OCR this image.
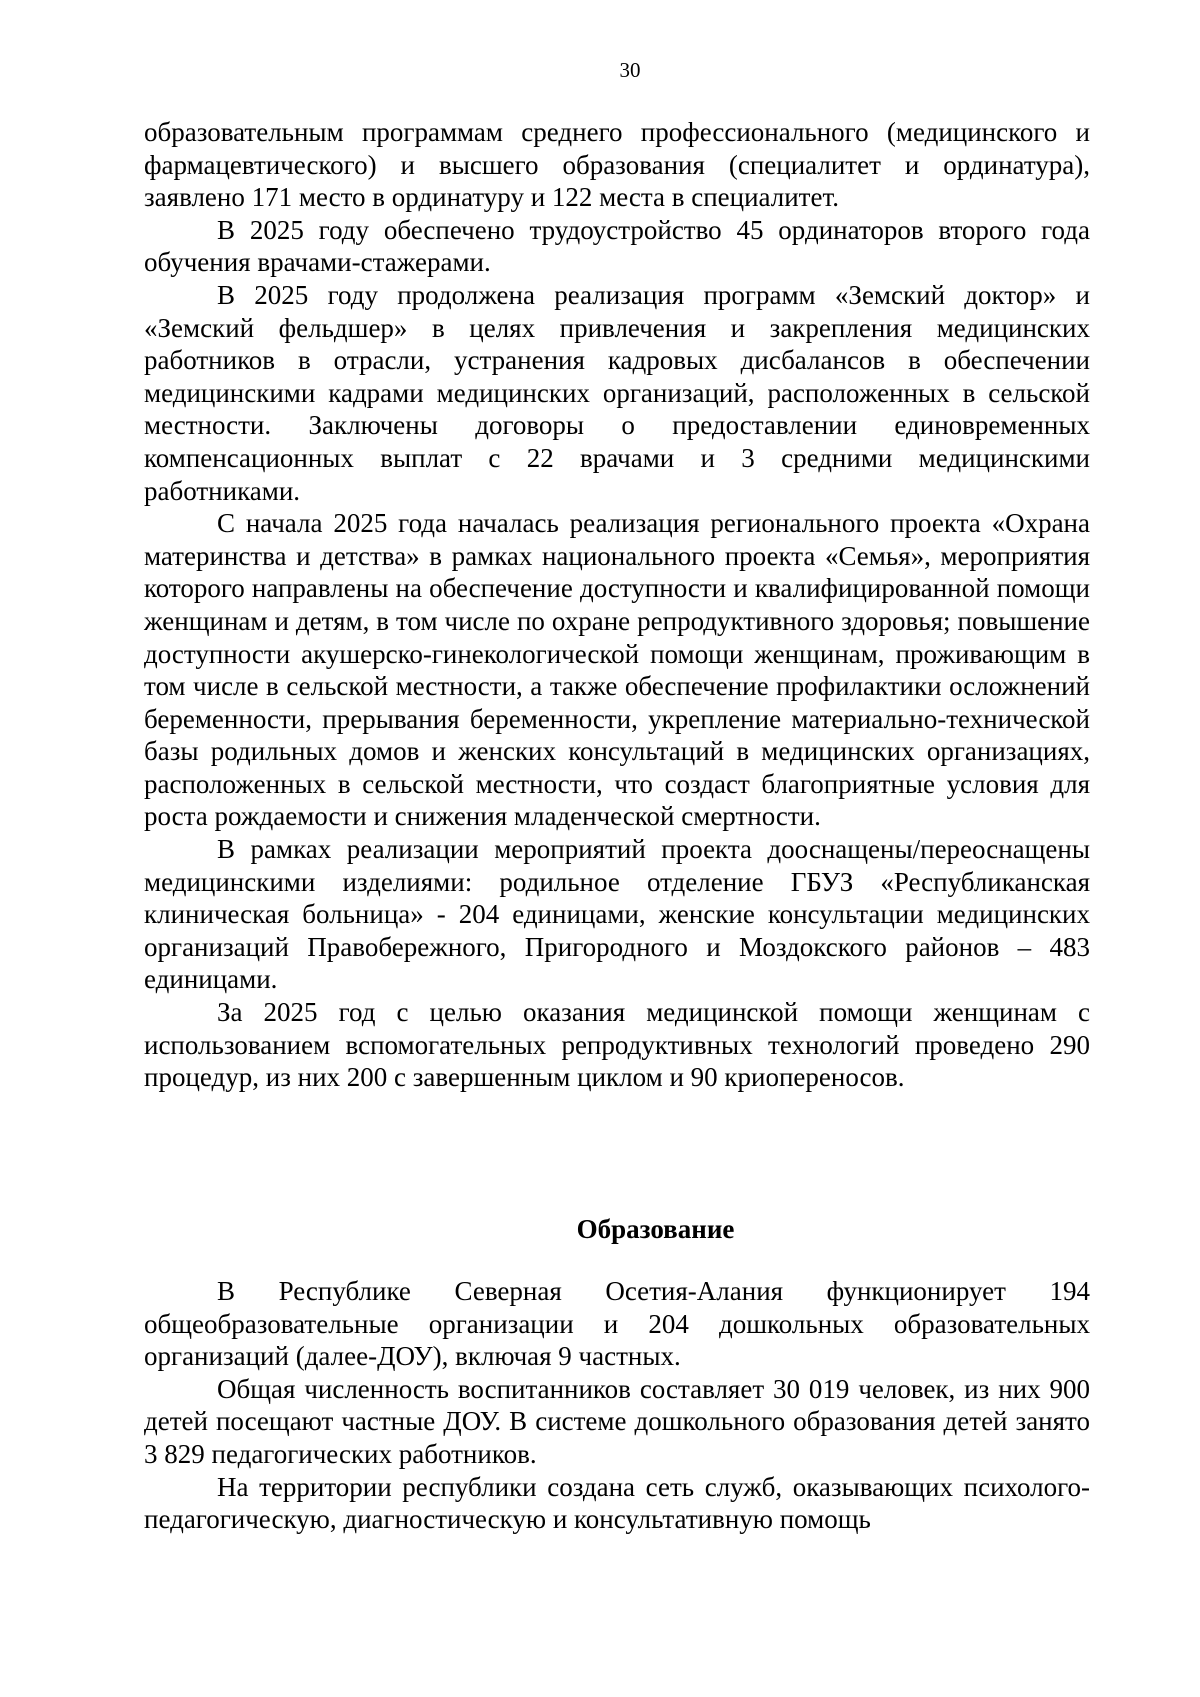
30

образовательным программам среднего профессионального (медицинского и фармацевтического) и высшего образования (специалитет и ординатура), заявлено 171 место в ординатуру и 122 места в специалитет.

В 2025 году обеспечено трудоустройство 45 ординаторов второго года обучения врачами-стажерами.

В 2025 году продолжена реализация программ «Земский доктор» и «Земский фельдшер» в целях привлечения и закрепления медицинских работников в отрасли, устранения кадровых дисбалансов в обеспечении медицинскими кадрами медицинских организаций, расположенных в сельской местности. Заключены договоры о предоставлении единовременных компенсационных выплат с 22 врачами и 3 средними медицинскими работниками.

С начала 2025 года началась реализация регионального проекта «Охрана материнства и детства» в рамках национального проекта «Семья», мероприятия которого направлены на обеспечение доступности и квалифицированной помощи женщинам и детям, в том числе по охране репродуктивного здоровья; повышение доступности акушерско-гинекологической помощи женщинам, проживающим в том числе в сельской местности, а также обеспечение профилактики осложнений беременности, прерывания беременности, укрепление материально-технической базы родильных домов и женских консультаций в медицинских организациях, расположенных в сельской местности, что создаст благоприятные условия для роста рождаемости и снижения младенческой смертности.

В рамках реализации мероприятий проекта дооснащены/переоснащены медицинскими изделиями: родильное отделение ГБУЗ «Республиканская клиническая больница» - 204 единицами, женские консультации медицинских организаций Правобережного, Пригородного и Моздокского районов – 483 единицами.

За 2025 год с целью оказания медицинской помощи женщинам с использованием вспомогательных репродуктивных технологий проведено 290 процедур, из них 200 с завершенным циклом и 90 криопереносов.

Образование

В Республике Северная Осетия-Алания функционирует 194 общеобразовательные организации и 204 дошкольных образовательных организаций (далее-ДОУ), включая 9 частных.

Общая численность воспитанников составляет 30 019 человек, из них 900 детей посещают частные ДОУ. В системе дошкольного образования детей занято 3 829 педагогических работников.

На территории республики создана сеть служб, оказывающих психолого-педагогическую, диагностическую и консультативную помощь
